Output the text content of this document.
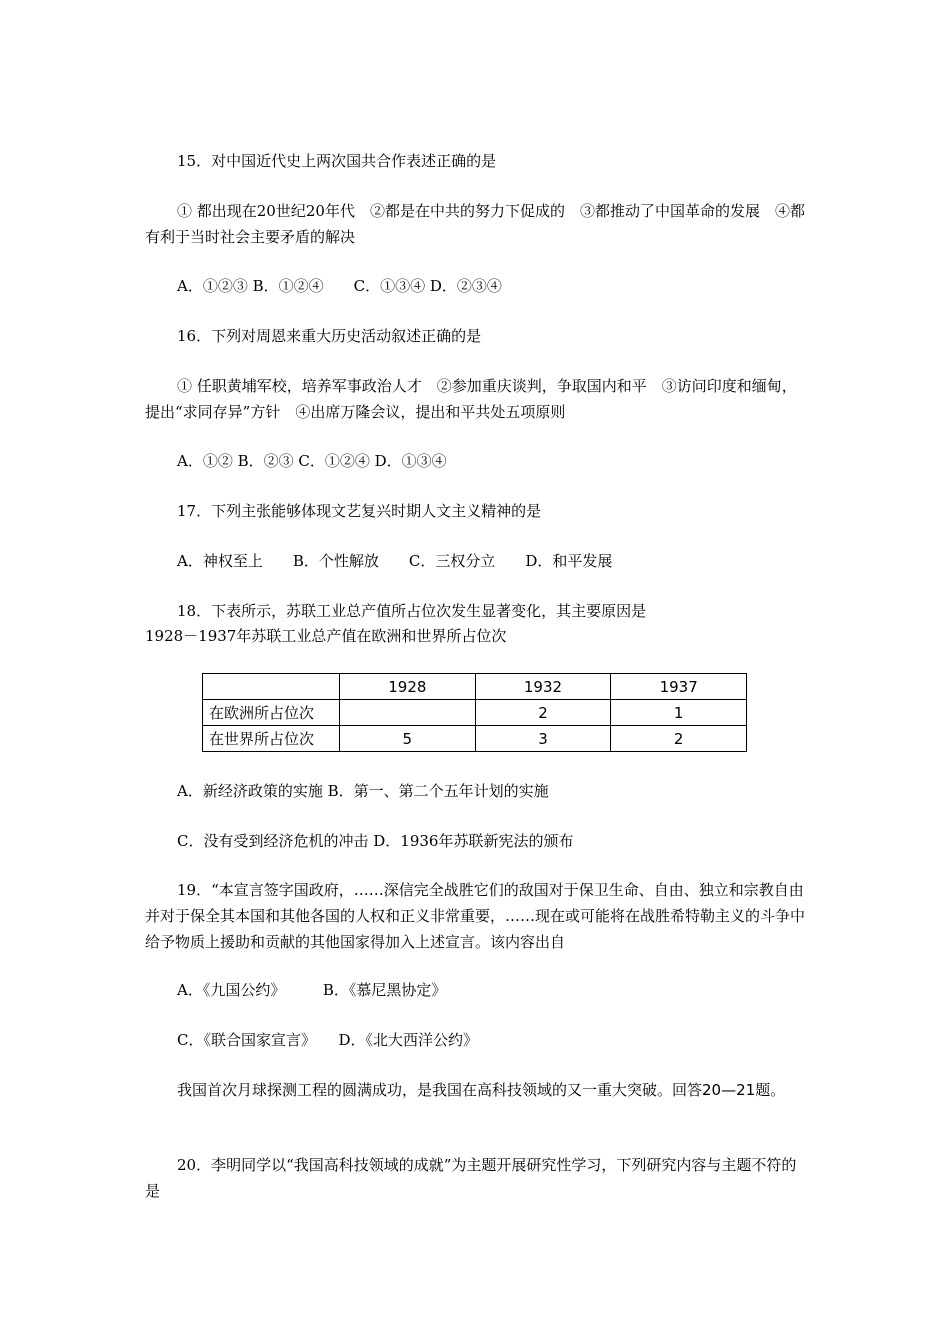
15．对中国近代史上两次国共合作表述正确的是

① 都出现在20世纪20年代　②都是在中共的努力下促成的　③都推动了中国革命的发展　④都有利于当时社会主要矛盾的解决

A．①②③ B．①②④　　C．①③④ D．②③④

16．下列对周恩来重大历史活动叙述正确的是

① 任职黄埔军校，培养军事政治人才　②参加重庆谈判，争取国内和平　③访问印度和缅甸，提出“求同存异”方针　④出席万隆会议，提出和平共处五项原则

A．①② B．②③ C．①②④ D．①③④

17．下列主张能够体现文艺复兴时期人文主义精神的是

A．神权至上　　B．个性解放　　C．三权分立　　D．和平发展

18．下表所示，苏联工业总产值所占位次发生显著变化，其主要原因是

1928－1937年苏联工业总产值在欧洲和世界所占位次

	1928	1932	1937
在欧洲所占位次		2	1
在世界所占位次	5	3	2

A．新经济政策的实施 B．第一、第二个五年计划的实施

C．没有受到经济危机的冲击 D．1936年苏联新宪法的颁布

19．“本宣言签字国政府，……深信完全战胜它们的敌国对于保卫生命、自由、独立和宗教自由并对于保全其本国和其他各国的人权和正义非常重要，……现在或可能将在战胜希特勒主义的斗争中给予物质上援助和贡献的其他国家得加入上述宣言。该内容出自

A．《九国公约》　　　B．《慕尼黑协定》

C．《联合国家宣言》　　D．《北大西洋公约》

我国首次月球探测工程的圆满成功，是我国在高科技领域的又一重大突破。回答20—21题。

20．李明同学以“我国高科技领域的成就”为主题开展研究性学习，下列研究内容与主题不符的是
